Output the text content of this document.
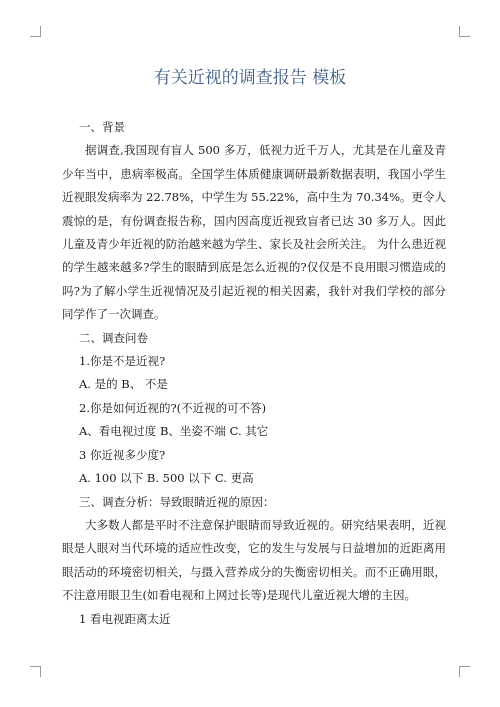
有关近视的调查报告 模板

一、背景

据调查,我国现有盲人 500 多万，低视力近千万人，尤其是在儿童及青少年当中，患病率极高。全国学生体质健康调研最新数据表明，我国小学生近视眼发病率为 22.78%，中学生为 55.22%，高中生为 70.34%。更令人震惊的是，有份调查报告称，国内因高度近视致盲者已达 30 多万人。因此儿童及青少年近视的防治越来越为学生、家长及社会所关注。 为什么患近视的学生越来越多?学生的眼睛到底是怎么近视的?仅仅是不良用眼习惯造成的吗?为了解小学生近视情况及引起近视的相关因素，我针对我们学校的部分同学作了一次调查。

二、调查问卷

1.你是不是近视?

A. 是的 B、 不是

2.你是如何近视的?(不近视的可不答)

A、看电视过度 B、坐姿不端 C. 其它

3 你近视多少度?

A. 100 以下 B. 500 以下 C. 更高

三、调查分析：导致眼睛近视的原因：

大多数人都是平时不注意保护眼睛而导致近视的。研究结果表明，近视眼是人眼对当代环境的适应性改变，它的发生与发展与日益增加的近距离用眼活动的环境密切相关，与摄入营养成分的失衡密切相关。而不正确用眼，不注意用眼卫生(如看电视和上网过长等)是现代儿童近视大增的主因。

1 看电视距离太近
